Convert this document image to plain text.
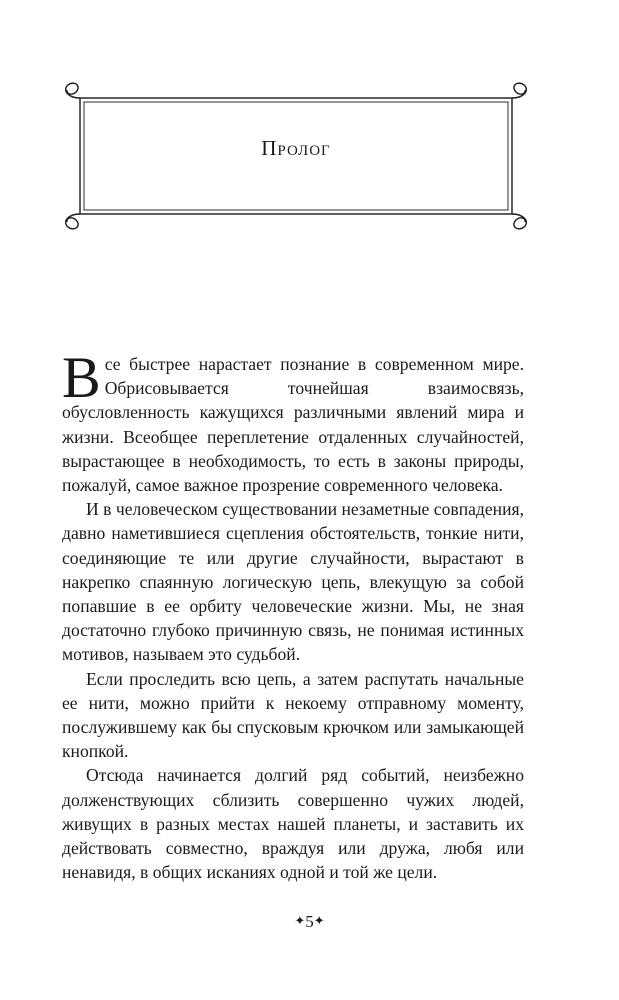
Пролог

Все быстрее нарастает познание в современном мире. Обрисовывается точнейшая взаимосвязь, обусловленность кажущихся различными явлений мира и жизни. Всеобщее переплетение отдаленных случайностей, вырастающее в необходимость, то есть в законы природы, пожалуй, самое важное прозрение современного человека.

И в человеческом существовании незаметные совпадения, давно наметившиеся сцепления обстоятельств, тонкие нити, соединяющие те или другие случайности, вырастают в накрепко спаянную логическую цепь, влекущую за собой попавшие в ее орбиту человеческие жизни. Мы, не зная достаточно глубоко причинную связь, не понимая истинных мотивов, называем это судьбой.

Если проследить всю цепь, а затем распутать начальные ее нити, можно прийти к некоему отправному моменту, послужившему как бы спусковым крючком или замыкающей кнопкой.

Отсюда начинается долгий ряд событий, неизбежно долженствующих сблизить совершенно чужих людей, живущих в разных местах нашей планеты, и заставить их действовать совместно, враждуя или дружа, любя или ненавидя, в общих исканиях одной и той же цели.

✦5✦
